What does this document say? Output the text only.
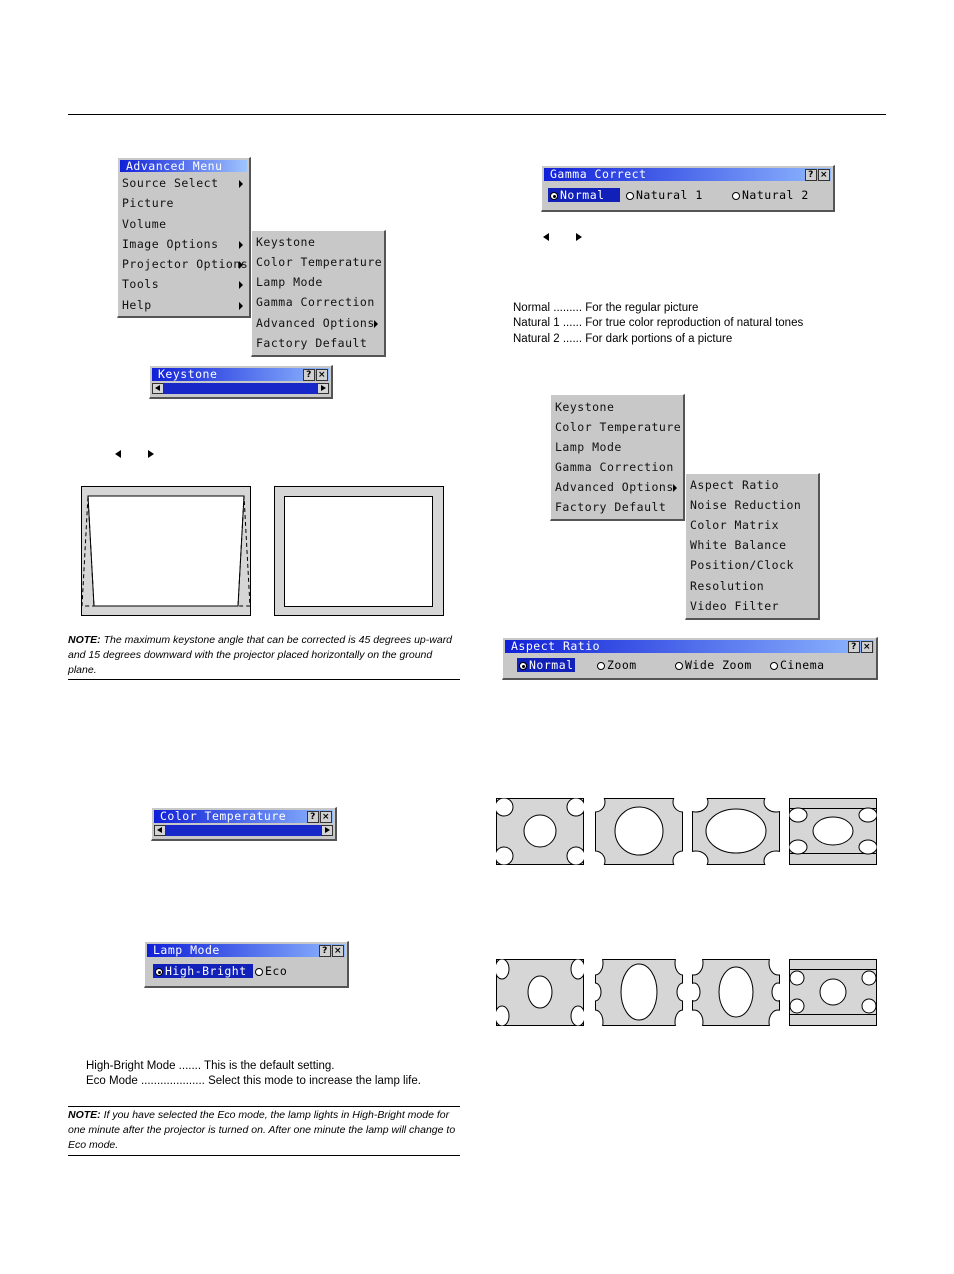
Advanced Menu
Source Select
Picture
Volume
Image Options
Projector Options
Tools
Help
Keystone
Color Temperature
Lamp Mode
Gamma Correction
Advanced Options
Factory Default
Keystone	? ×

NOTE: The maximum keystone angle that can be corrected is 45 degrees up-ward and 15 degrees downward with the projector placed horizontally on the ground plane.
Color Temperature	? ×
Lamp Mode	? ×
High-Bright	Eco
High-Bright Mode ....... This is the default setting.
Eco Mode .................... Select this mode to increase the lamp life.
NOTE: If you have selected the Eco mode, the lamp lights in High-Bright mode for one minute after the projector is turned on. After one minute the lamp will change to Eco mode.
Gamma Correct	? ×
Normal	Natural 1	Natural 2

Normal ......... For the regular picture
Natural 1 ...... For true color reproduction of natural tones
Natural 2 ...... For dark portions of a picture
Keystone
Color Temperature
Lamp Mode
Gamma Correction
Advanced Options
Factory Default
Aspect Ratio
Noise Reduction
Color Matrix
White Balance
Position/Clock
Resolution
Video Filter
Aspect Ratio	? ×
Normal	Zoom	Wide Zoom	Cinema
